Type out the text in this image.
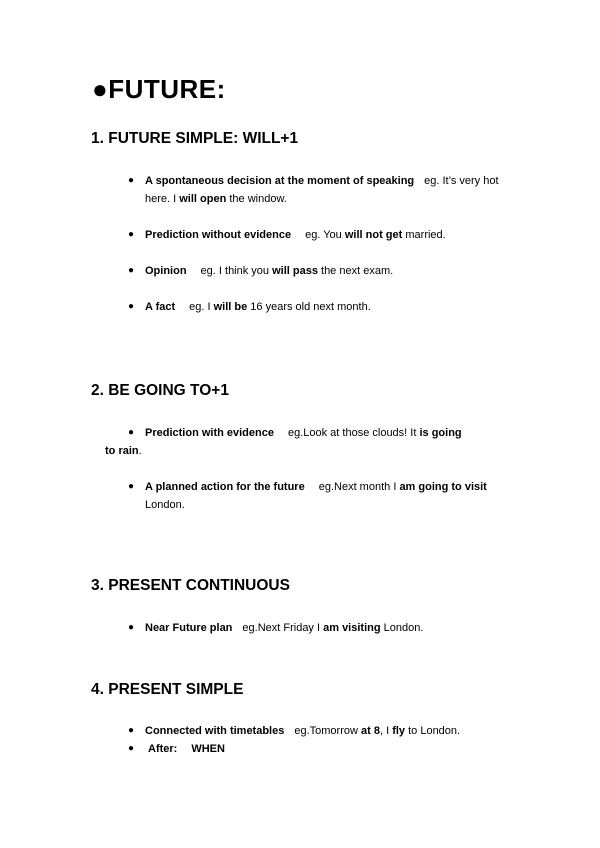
●FUTURE:
1. FUTURE SIMPLE: WILL+1

● A spontaneous decision at the moment of speaking eg. It’s very hot here. I will open the window.

● Prediction without evidence eg. You will not get married.

● Opinion eg. I think you will pass the next exam.

● A fact eg. I will be 16 years old next month.

2. BE GOING TO+1

● Prediction with evidence eg.Look at those clouds! It is going

to rain.

● A planned action for the future eg.Next month I am going to visit
London.

3. PRESENT CONTINUOUS

● Near Future plan eg.Next Friday I am visiting London.

4. PRESENT SIMPLE

● Connected with timetables eg.Tomorrow at 8, I fly to London.

● After: WHEN
